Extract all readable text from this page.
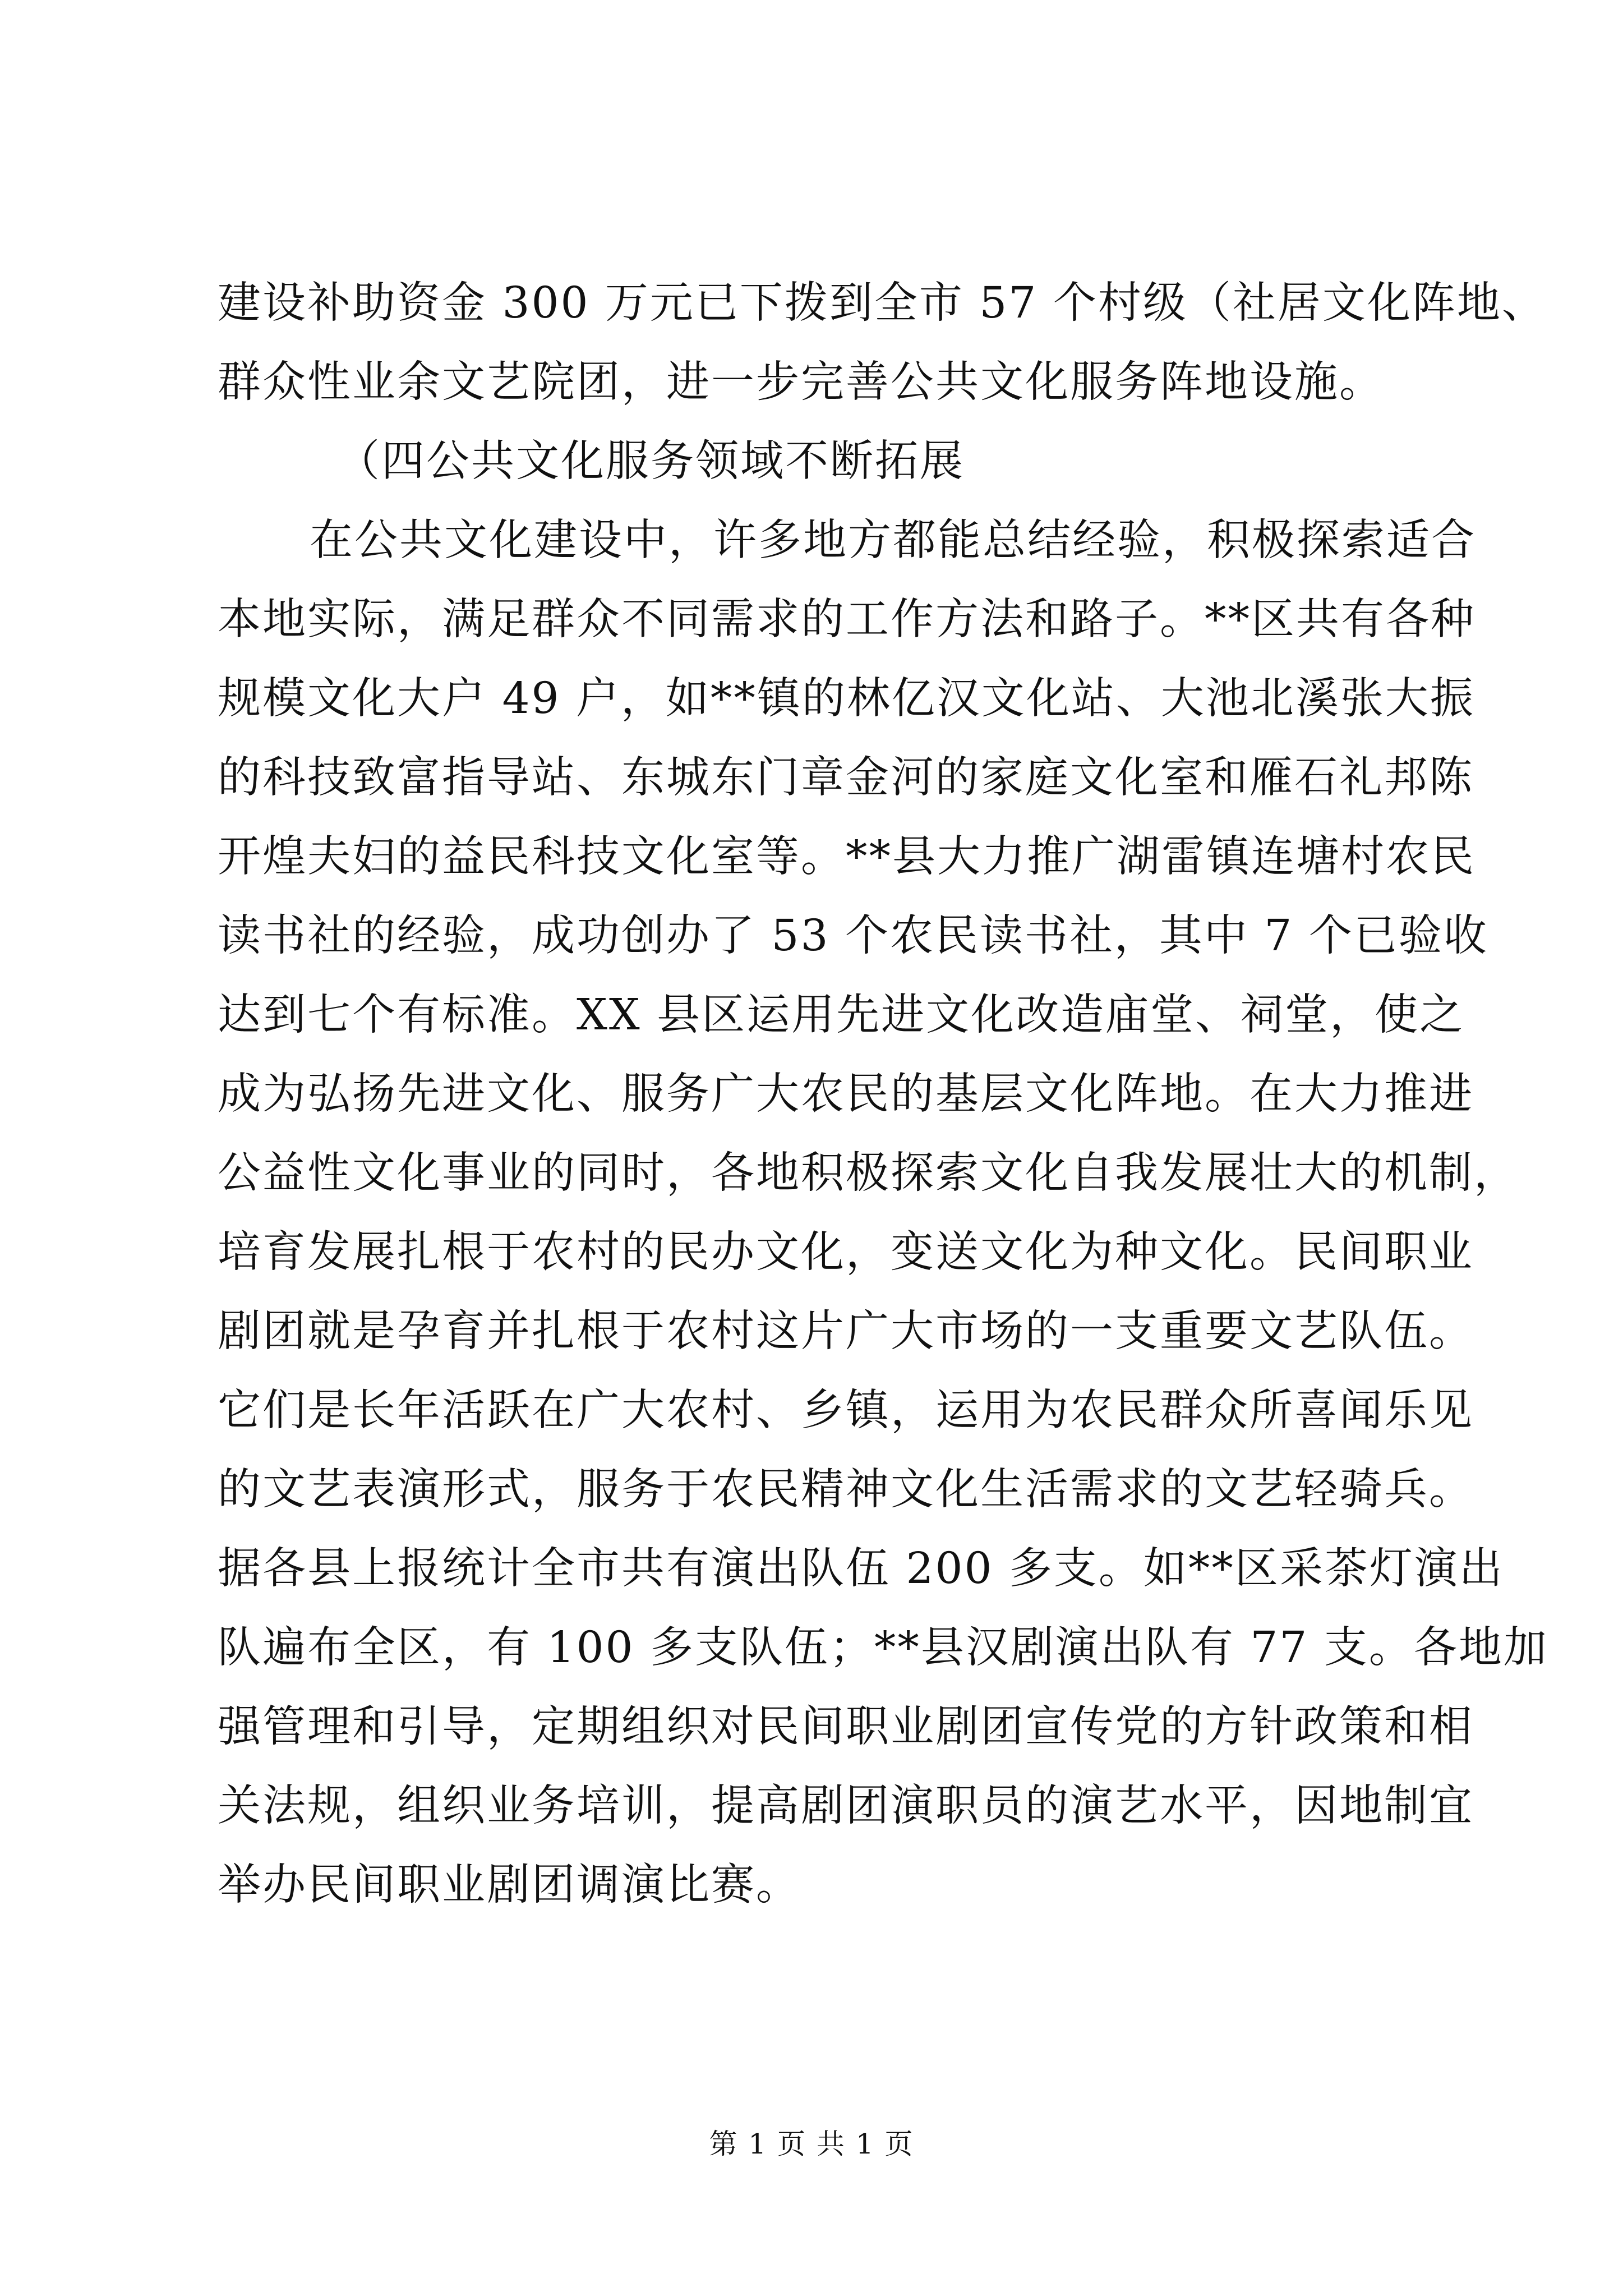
建设补助资金 300 万元已下拨到全市 57 个村级（社居文化阵地、
群众性业余文艺院团，进一步完善公共文化服务阵地设施。
（四公共文化服务领域不断拓展
在公共文化建设中，许多地方都能总结经验，积极探索适合
本地实际，满足群众不同需求的工作方法和路子。**区共有各种
规模文化大户 49 户，如**镇的林亿汉文化站、大池北溪张大振
的科技致富指导站、东城东门章金河的家庭文化室和雁石礼邦陈
开煌夫妇的益民科技文化室等。**县大力推广湖雷镇连塘村农民
读书社的经验，成功创办了 53 个农民读书社，其中 7 个已验收
达到七个有标准。XX 县区运用先进文化改造庙堂、祠堂，使之
成为弘扬先进文化、服务广大农民的基层文化阵地。在大力推进
公益性文化事业的同时，各地积极探索文化自我发展壮大的机制，
培育发展扎根于农村的民办文化，变送文化为种文化。民间职业
剧团就是孕育并扎根于农村这片广大市场的一支重要文艺队伍。
它们是长年活跃在广大农村、乡镇，运用为农民群众所喜闻乐见
的文艺表演形式，服务于农民精神文化生活需求的文艺轻骑兵。
据各县上报统计全市共有演出队伍 200 多支。如**区采茶灯演出
队遍布全区，有 100 多支队伍；**县汉剧演出队有 77 支。各地加
强管理和引导，定期组织对民间职业剧团宣传党的方针政策和相
关法规，组织业务培训，提高剧团演职员的演艺水平，因地制宜
举办民间职业剧团调演比赛。
第 1 页 共 1 页
